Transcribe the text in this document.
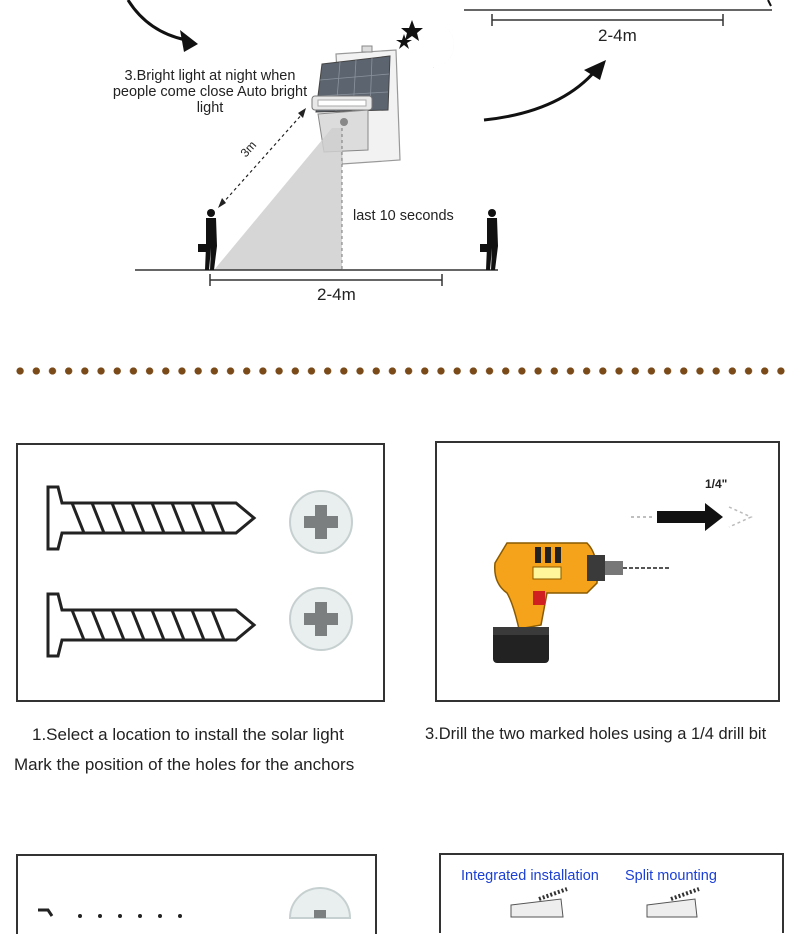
3.Bright light at night when people come close Auto bright light
3m
last 10 seconds
2-4m
2-4m
1/4"
1.Select a location to install the solar light
Mark the position of the holes for the anchors
3.Drill the two marked holes using a 1/4 drill bit
Integrated installation Split mounting
